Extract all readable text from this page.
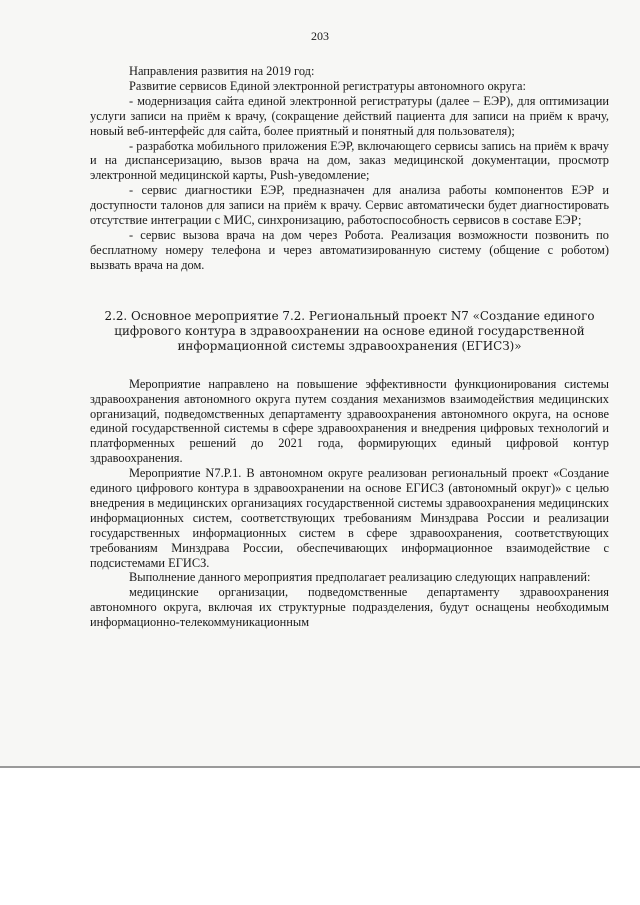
203

Направления развития на 2019 год:

Развитие сервисов Единой электронной регистратуры автономного округа:

- модернизация сайта единой электронной регистратуры (далее – ЕЭР), для оптимизации услуги записи на приём к врачу, (сокращение действий пациента для записи на приём к врачу, новый веб-интерфейс для сайта, более приятный и понятный для пользователя);

- разработка мобильного приложения ЕЭР, включающего сервисы запись на приём к врачу и на диспансеризацию, вызов врача на дом, заказ медицинской документации, просмотр электронной медицинской карты, Push-уведомление;

- сервис диагностики ЕЭР, предназначен для анализа работы компонентов ЕЭР и доступности талонов для записи на приём к врачу. Сервис автоматически будет диагностировать отсутствие интеграции с МИС, синхронизацию, работоспособность сервисов в составе ЕЭР;

- сервис вызова врача на дом через Робота. Реализация возможности позвонить по бесплатному номеру телефона и через автоматизированную систему (общение с роботом) вызвать врача на дом.

2.2. Основное мероприятие 7.2. Региональный проект N7 «Создание единого цифрового контура в здравоохранении на основе единой государственной информационной системы здравоохранения (ЕГИСЗ)»

Мероприятие направлено на повышение эффективности функционирования системы здравоохранения автономного округа путем создания механизмов взаимодействия медицинских организаций, подведомственных департаменту здравоохранения автономного округа, на основе единой государственной системы в сфере здравоохранения и внедрения цифровых технологий и платформенных решений до 2021 года, формирующих единый цифровой контур здравоохранения.

Мероприятие N7.Р.1. В автономном округе реализован региональный проект «Создание единого цифрового контура в здравоохранении на основе ЕГИСЗ (автономный округ)» с целью внедрения в медицинских организациях государственной системы здравоохранения медицинских информационных систем, соответствующих требованиям Минздрава России и реализации государственных информационных систем в сфере здравоохранения, соответствующих требованиям Минздрава России, обеспечивающих информационное взаимодействие с подсистемами ЕГИСЗ.

Выполнение данного мероприятия предполагает реализацию следующих направлений:

медицинские организации, подведомственные департаменту здравоохранения автономного округа, включая их структурные подразделения, будут оснащены необходимым информационно-телекоммуникационным
